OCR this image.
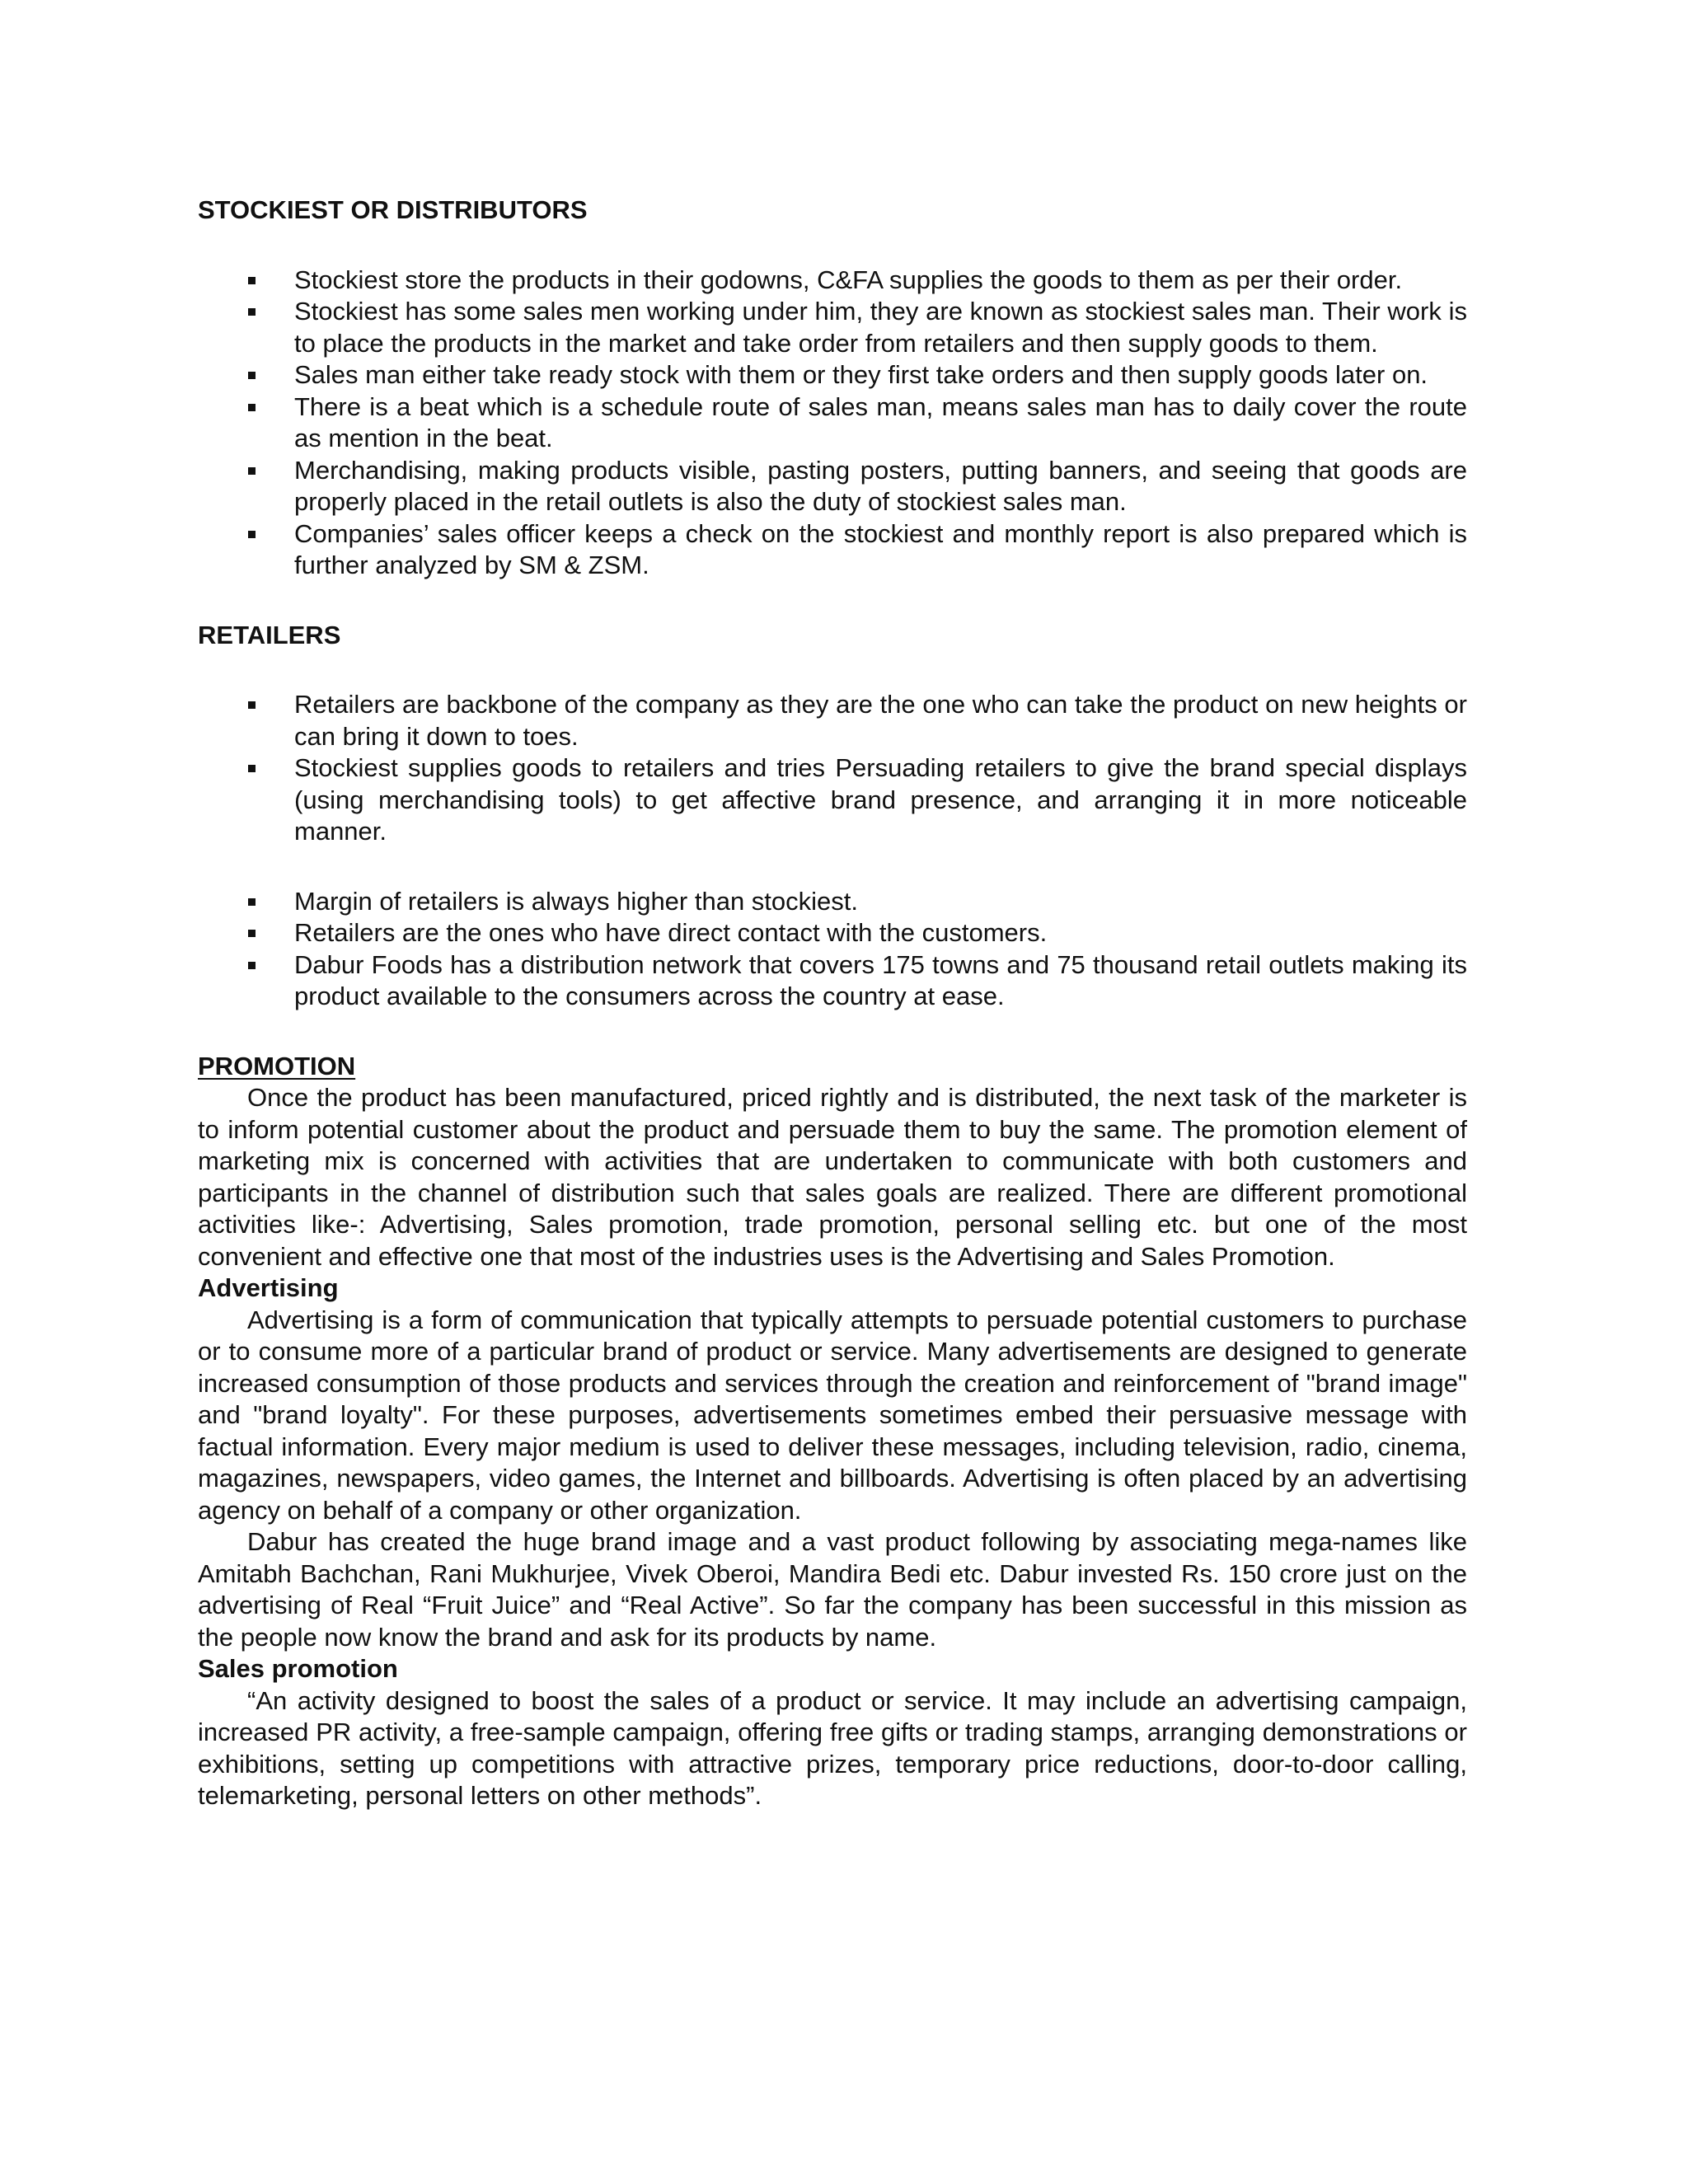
STOCKIEST OR DISTRIBUTORS
Stockiest store the products in their godowns, C&FA supplies the goods to them as per their order.
Stockiest has some sales men working under him, they are known as stockiest sales man. Their work is to place the products in the market and take order from retailers and then supply goods to them.
Sales man either take ready stock with them or they first take orders and then supply goods later on.
There is a beat which is a schedule route of sales man, means sales man has to daily cover the route as mention in the beat.
Merchandising, making products visible, pasting posters, putting banners, and seeing that goods are properly placed in the retail outlets is also the duty of stockiest sales man.
Companies’ sales officer keeps a check on the stockiest and monthly report is also prepared which is further analyzed by SM & ZSM.
RETAILERS
Retailers are backbone of the company as they are the one who can take the product on new heights or can bring it down to toes.
Stockiest supplies goods to retailers and tries Persuading retailers to give the brand special displays (using merchandising tools) to get affective brand presence, and arranging it in more noticeable manner.
Margin of retailers is always higher than stockiest.
Retailers are the ones who have direct contact with the customers.
Dabur Foods has a distribution network that covers 175 towns and 75 thousand retail outlets making its product available to the consumers across the country at ease.
PROMOTION

Once the product has been manufactured, priced rightly and is distributed, the next task of the marketer is to inform potential customer about the product and persuade them to buy the same. The promotion element of marketing mix is concerned with activities that are undertaken to communicate with both customers and participants in the channel of distribution such that sales goals are realized. There are different promotional activities like-: Advertising, Sales promotion, trade promotion, personal selling etc. but one of the most convenient and effective one that most of the industries uses is the Advertising and Sales Promotion.

Advertising

Advertising is a form of communication that typically attempts to persuade potential customers to purchase or to consume more of a particular brand of product or service. Many advertisements are designed to generate increased consumption of those products and services through the creation and reinforcement of "brand image" and "brand loyalty". For these purposes, advertisements sometimes embed their persuasive message with factual information. Every major medium is used to deliver these messages, including television, radio, cinema, magazines, newspapers, video games, the Internet and billboards. Advertising is often placed by an advertising agency on behalf of a company or other organization.

Dabur has created the huge brand image and a vast product following by associating mega-names like Amitabh Bachchan, Rani Mukhurjee, Vivek Oberoi, Mandira Bedi etc. Dabur invested Rs. 150 crore just on the advertising of Real “Fruit Juice” and “Real Active”. So far the company has been successful in this mission as the people now know the brand and ask for its products by name.

Sales promotion

“An activity designed to boost the sales of a product or service. It may include an advertising campaign, increased PR activity, a free-sample campaign, offering free gifts or trading stamps, arranging demonstrations or exhibitions, setting up competitions with attractive prizes, temporary price reductions, door-to-door calling, telemarketing, personal letters on other methods”.
